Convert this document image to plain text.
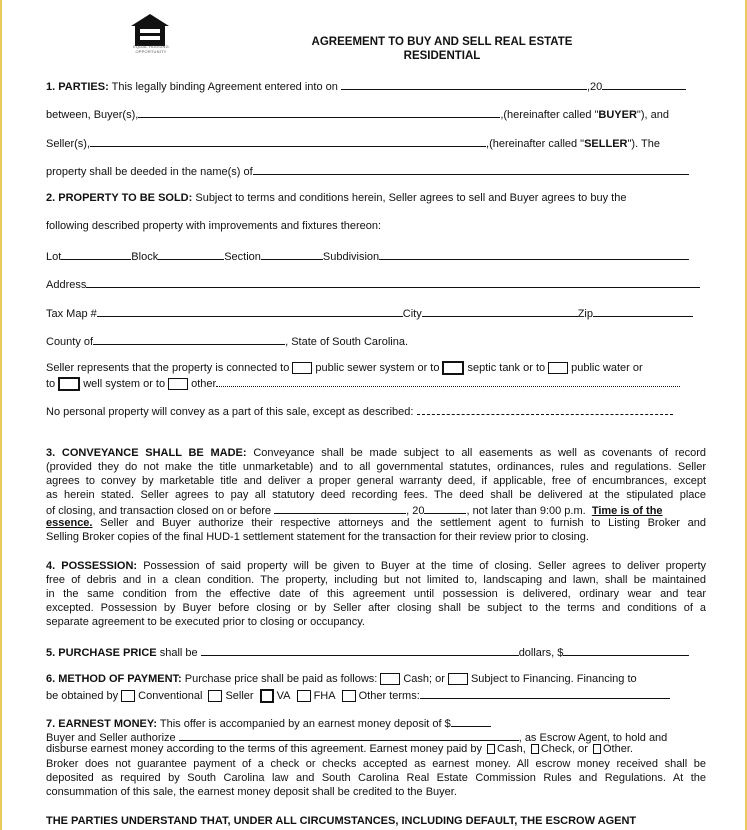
EQUAL HOUSING OPPORTUNITY
AGREEMENT TO BUY AND SELL REAL ESTATE
RESIDENTIAL
1. PARTIES: This legally binding Agreement entered into on	,20
between, Buyer(s),	,(hereinafter called "BUYER"), and
Seller(s),	,(hereinafter called "SELLER"). The
property shall be deeded in the name(s) of
2. PROPERTY TO BE SOLD: Subject to terms and conditions herein, Seller agrees to sell and Buyer agrees to buy the
following described property with improvements and fixtures thereon:
Lot	Block	Section	Subdivision
Address
Tax Map #	City	Zip
County of	, State of South Carolina.
Seller represents that the property is connected to public sewer system or to	septic tank or to public water or
to	well system or to other
No personal property will convey as a part of this sale, except as described:
3. CONVEYANCE SHALL BE MADE: Conveyance shall be made subject to all easements as well as covenants of record
(provided they do not make the title unmarketable) and to all governmental statutes, ordinances, rules and regulations. Seller
agrees to convey by marketable title and deliver a proper general warranty deed, if applicable, free of encumbrances, except
as herein stated. Seller agrees to pay all statutory deed recording fees. The deed shall be delivered at the stipulated place
of closing, and transaction closed on or before	, 20	, not later than 9:00 p.m. Time is of the
essence. Seller and Buyer authorize their respective attorneys and the settlement agent to furnish to Listing Broker and
Selling Broker copies of the final HUD-1 settlement statement for the transaction for their review prior to closing.
4. POSSESSION: Possession of said property will be given to Buyer at the time of closing. Seller agrees to deliver property
free of debris and in a clean condition. The property, including but not limited to, landscaping and lawn, shall be maintained
in the same condition from the effective date of this agreement until possession is delivered, ordinary wear and tear
excepted. Possession by Buyer before closing or by Seller after closing shall be subject to the terms and conditions of a
separate agreement to be executed prior to closing or occupancy.
5. PURCHASE PRICE shall be	dollars, $
6. METHOD OF PAYMENT: Purchase price shall be paid as follows: Cash; or Subject to Financing. Financing to
be obtained by Conventional Seller VA FHA Other terms:
7. EARNEST MONEY: This offer is accompanied by an earnest money deposit of $
Buyer and Seller authorize	, as Escrow Agent, to hold and
disburse earnest money according to the terms of this agreement. Earnest money paid by Cash, Check, or Other.
Broker does not guarantee payment of a check or checks accepted as earnest money. All escrow money received shall be
deposited as required by South Carolina law and South Carolina Real Estate Commission Rules and Regulations. At the
consummation of this sale, the earnest money deposit shall be credited to the Buyer.
THE PARTIES UNDERSTAND THAT, UNDER ALL CIRCUMSTANCES, INCLUDING DEFAULT, THE ESCROW AGENT
